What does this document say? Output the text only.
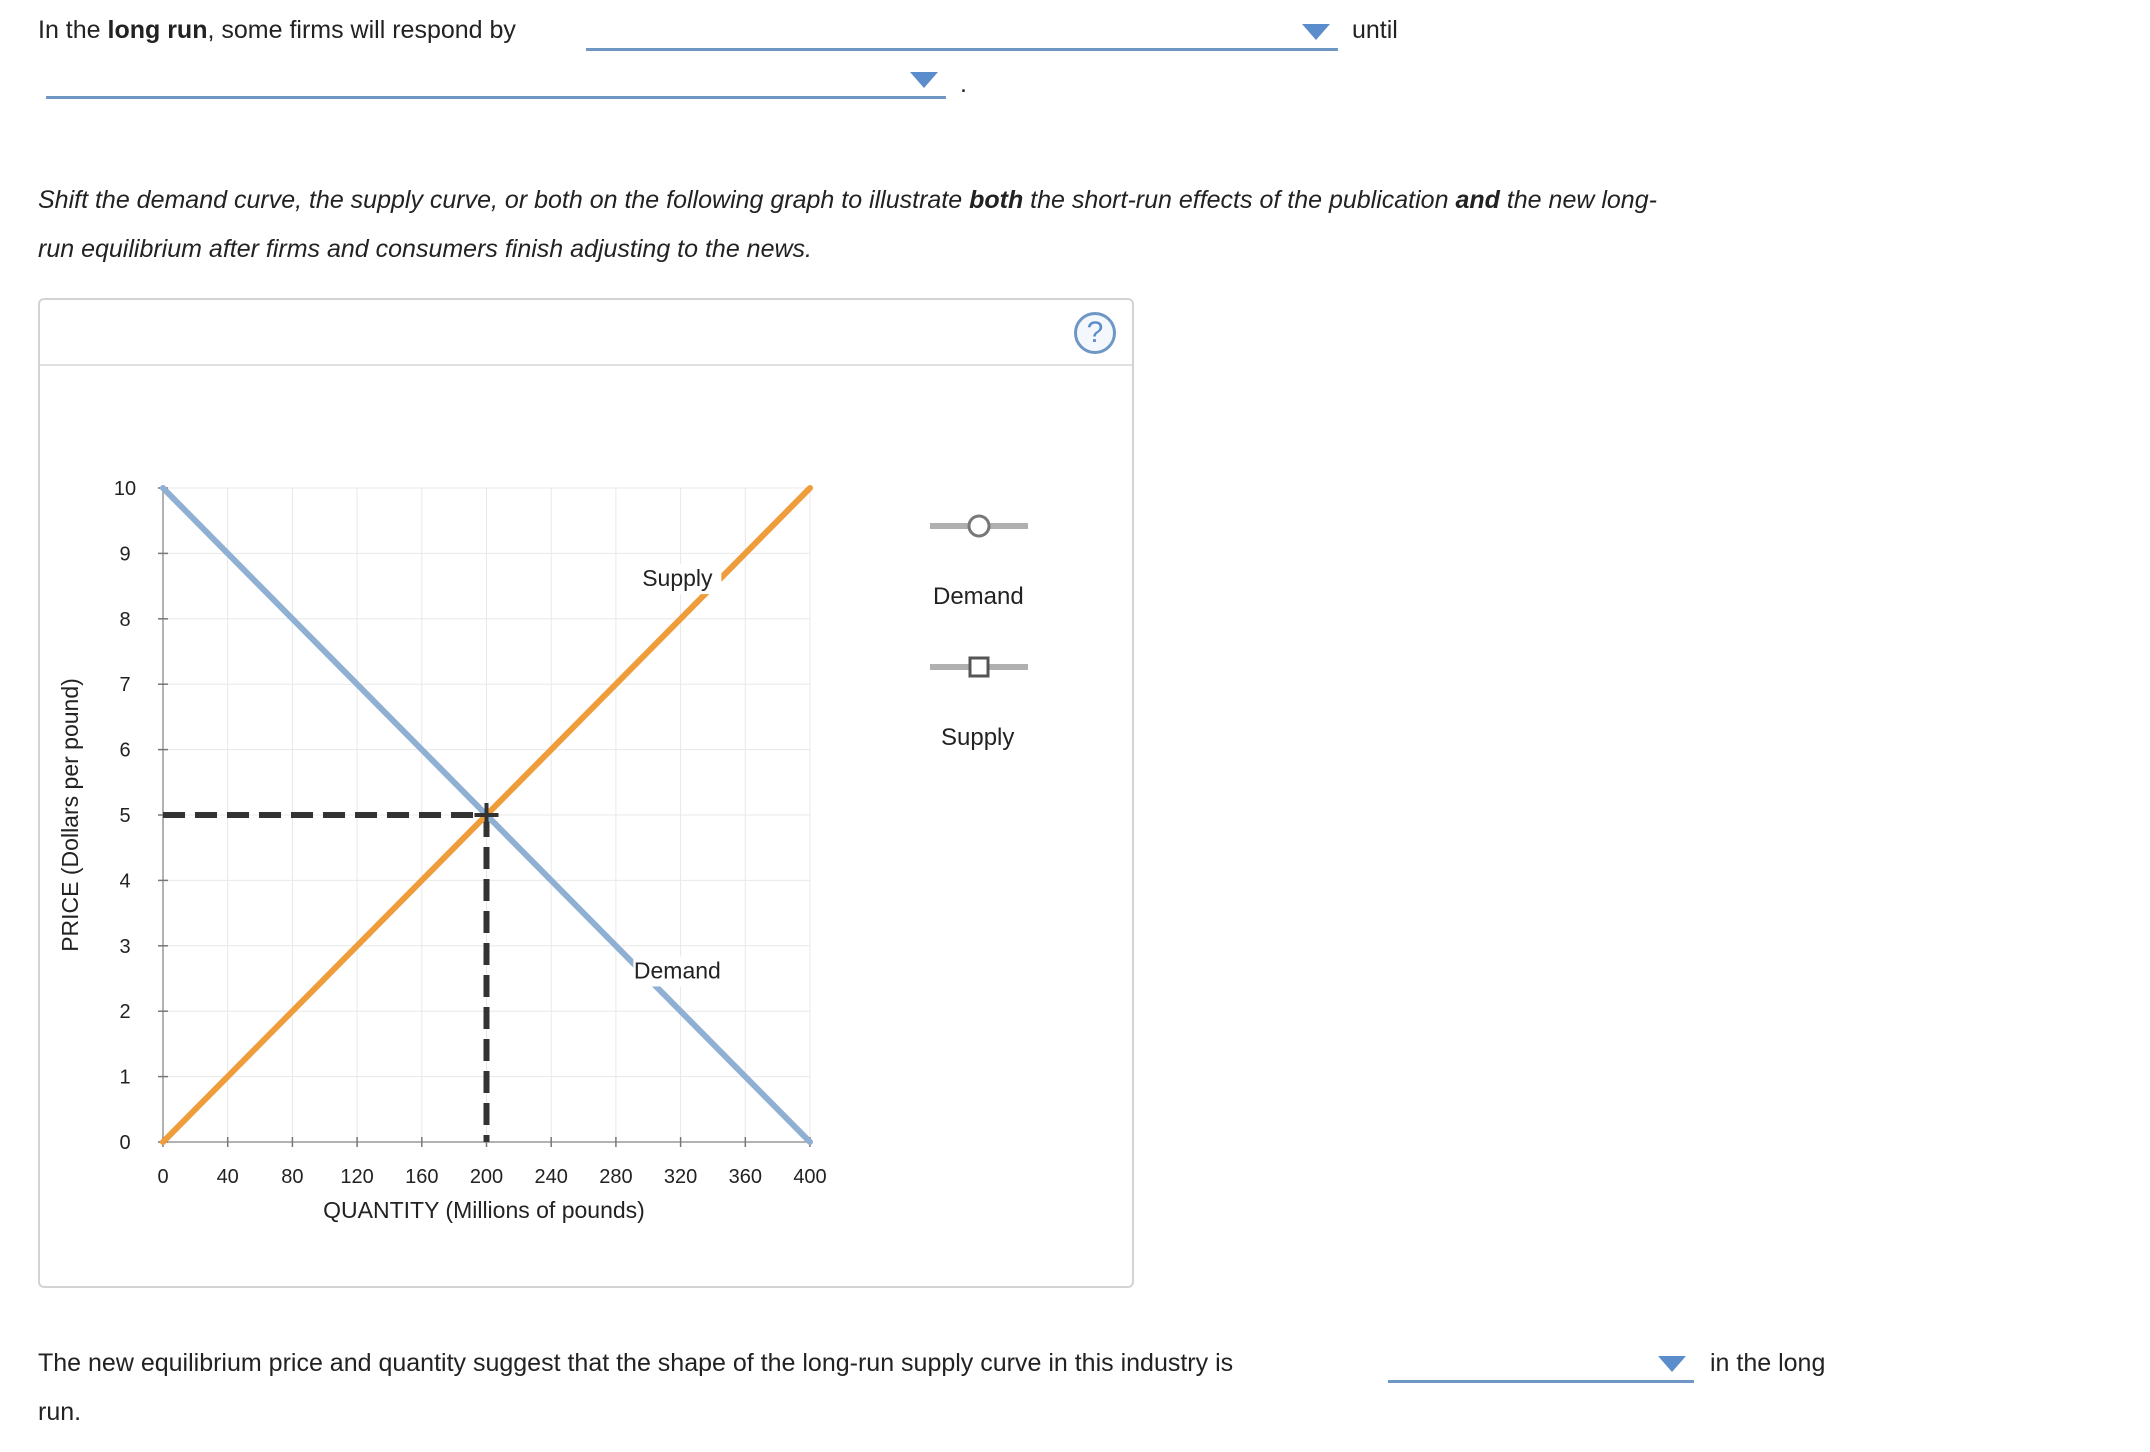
In the long run, some firms will respond by	until
.
Shift the demand curve, the supply curve, or both on the following graph to illustrate both the short-run effects of the publication and the new long-
run equilibrium after firms and consumers finish adjusting to the news.
?
0 40 80 120 160 200 240 280 320 360 400
0
1
2
3
4
5
6
7
8
9
10
Demand
Supply
QUANTITY (Millions of pounds)
PRICE (Dollars per pound)
Demand
Supply
The new equilibrium price and quantity suggest that the shape of the long-run supply curve in this industry is	in the long
run.
